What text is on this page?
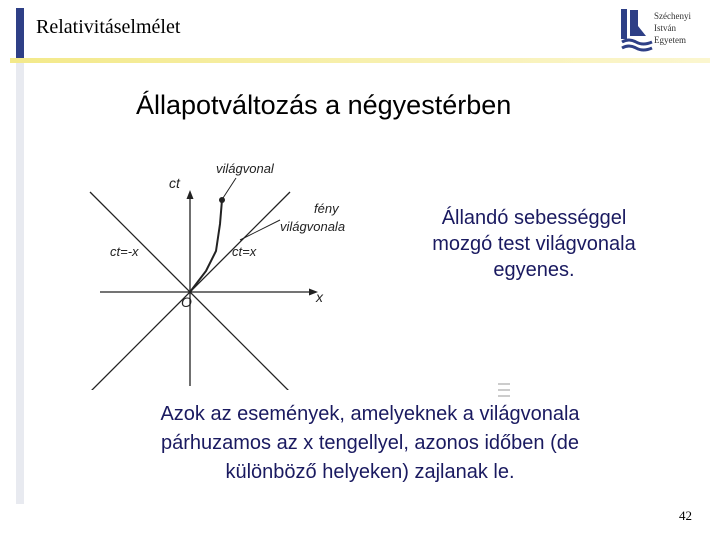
Relativitáselmélet	Széchenyi
István
Egyetem
Állapotváltozás a négyestérben
ct
x
O
világvonal
fény
világvonala
ct=-x	ct=x
Állandó sebességgel
mozgó test világvonala
egyenes.
Azok az események, amelyeknek a világvonala
párhuzamos az x tengellyel, azonos időben (de
különböző helyeken) zajlanak le.
42
